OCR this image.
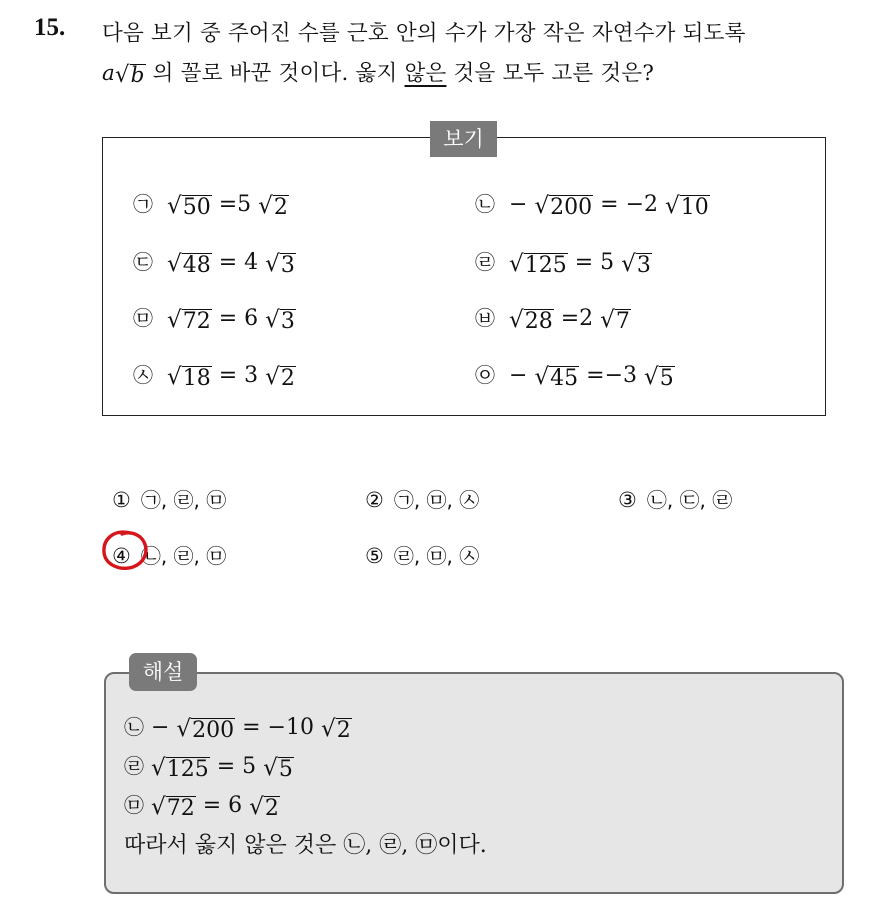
15. 다음 보기 중 주어진 수를 근호 안의 수가 가장 작은 자연수가 되도록
a √ b 의 꼴로 바꾼 것이다. 옳지 않은 것을 모두 고른 것은?
보기
㉠ √ 50 =5 √ 2	㉡ − √ 200 = −2 √ 10
㉢ √ 48 = 4 √ 3	㉣ √ 125 = 5 √ 3
㉤ √ 72 = 6 √ 3	㉥ √ 28 =2 √ 7
㉦ √ 18 = 3 √ 2	㉧ − √ 45 =−3 √ 5
① ㉠, ㉣, ㉤	② ㉠, ㉤, ㉦	③ ㉡, ㉢, ㉣
④ ㉡, ㉣, ㉤	⑤ ㉣, ㉤, ㉦
해설
㉡ − √ 200 = −10 √ 2
㉣ √ 125 = 5 √ 5
㉤ √ 72 = 6 √ 2
따라서 옳지 않은 것은 ㉡, ㉣, ㉤이다.
